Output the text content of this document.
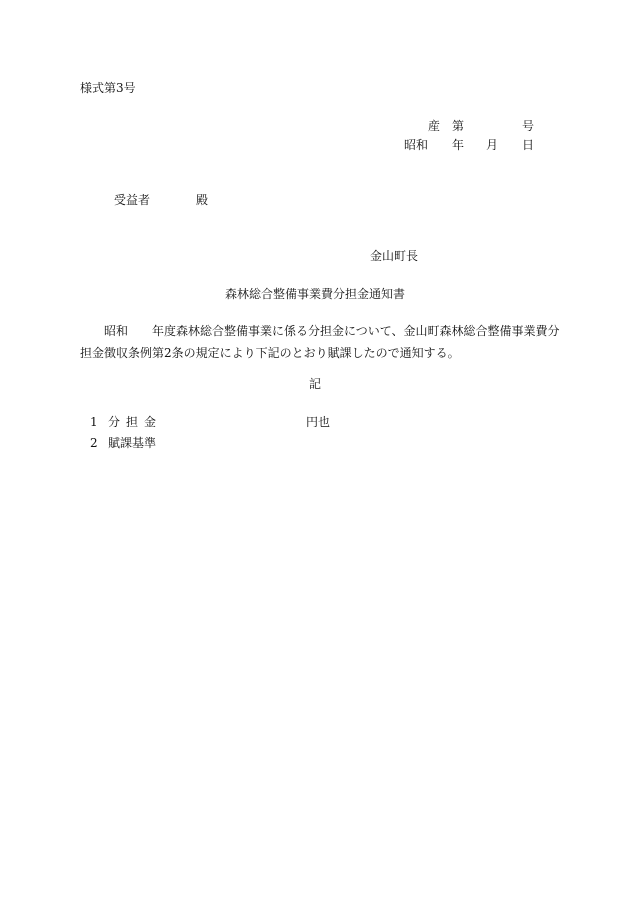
様式第3号
産 第	号
昭和 年 月 日
受益者	殿
金山町長
森林総合整備事業費分担金通知書
昭和 年度森林総合整備事業に係る分担金について、金山町森林総合整備事業費分担金徴収条例第2条の規定により下記のとおり賦課したので通知する。
記
1 分担金	円也
2 賦課基準
